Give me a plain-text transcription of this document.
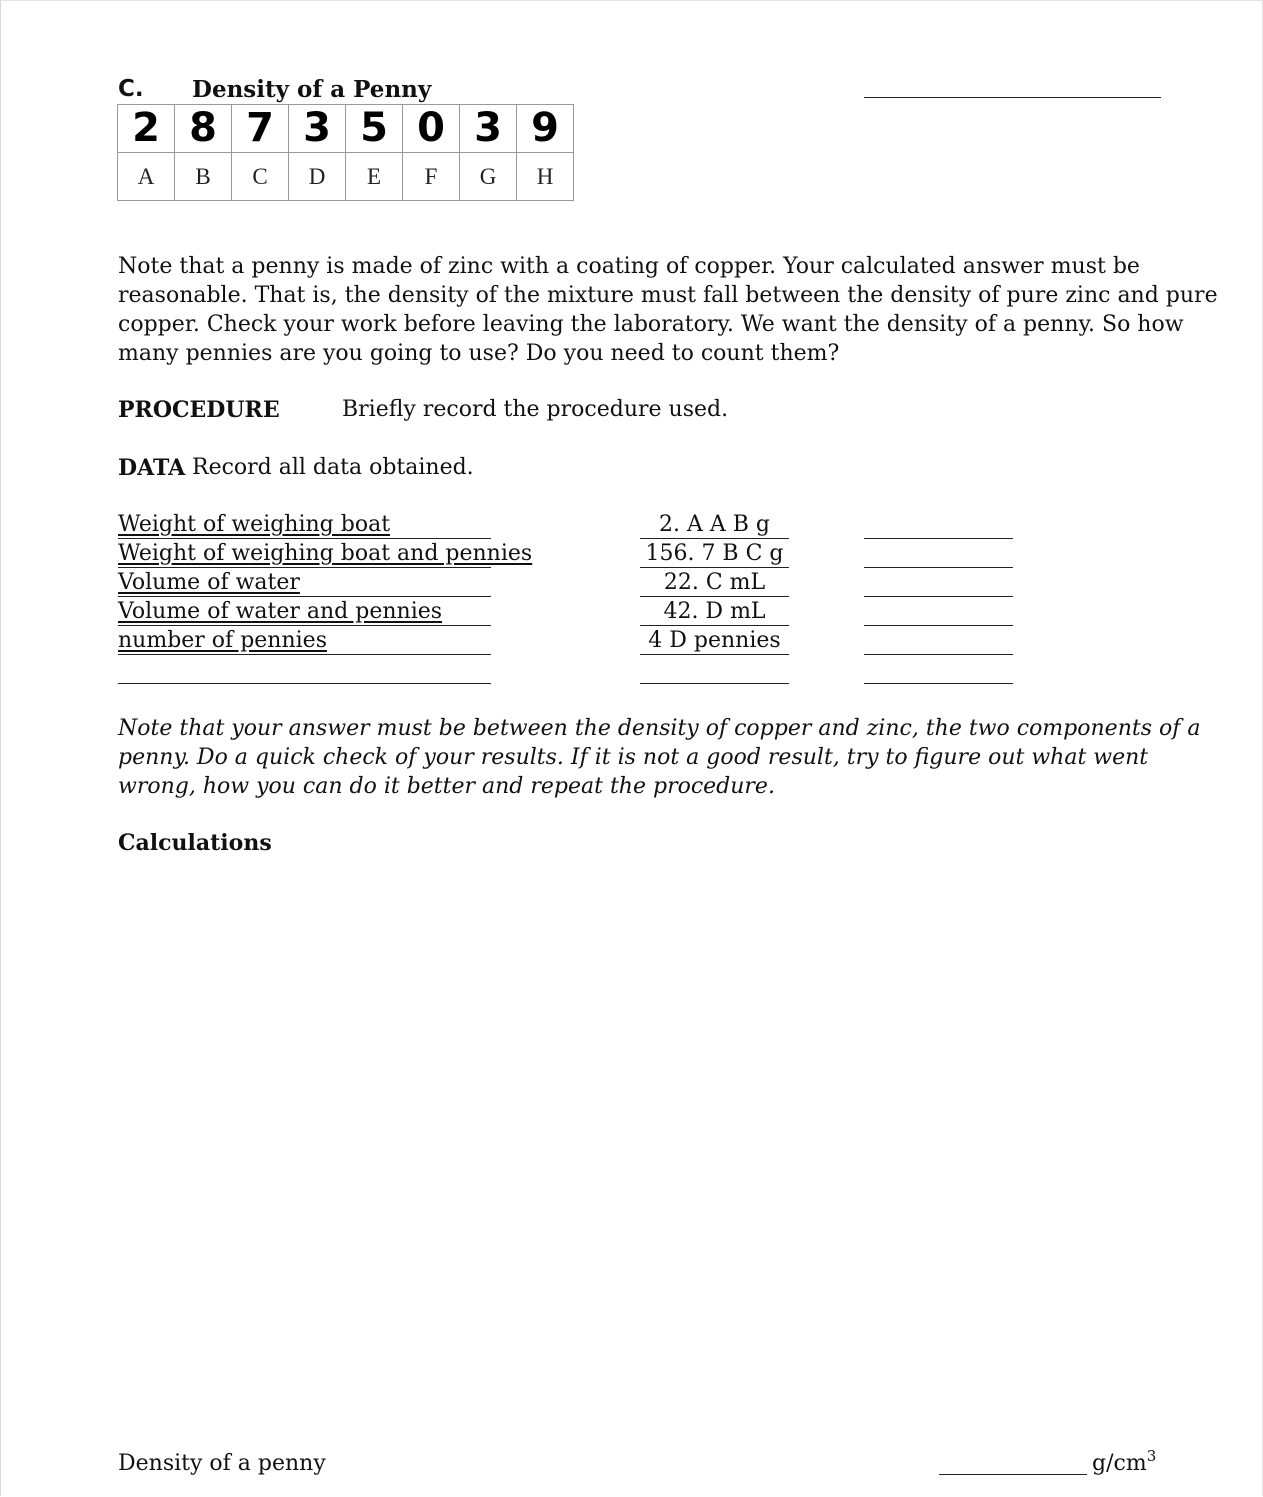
C. Density of a Penny
2	8	7	3	5	0	3	9
A	B	C	D	E	F	G	H
Note that a penny is made of zinc with a coating of copper. Your calculated answer must be reasonable. That is, the density of the mixture must fall between the density of pure zinc and pure copper. Check your work before leaving the laboratory. We want the density of a penny. So how many pennies are you going to use? Do you need to count them?
PROCEDURE	Briefly record the procedure used.
DATA Record all data obtained.
Weight of weighing boat	2. A A B g
Weight of weighing boat and pennies	156. 7 B C g
Volume of water	22. C mL
Volume of water and pennies	42. D mL
number of pennies	4 D pennies
Note that your answer must be between the density of copper and zinc, the two components of a penny. Do a quick check of your results. If it is not a good result, try to figure out what went wrong, how you can do it better and repeat the procedure.
Calculations
Density of a penny	$g/cm^3$
